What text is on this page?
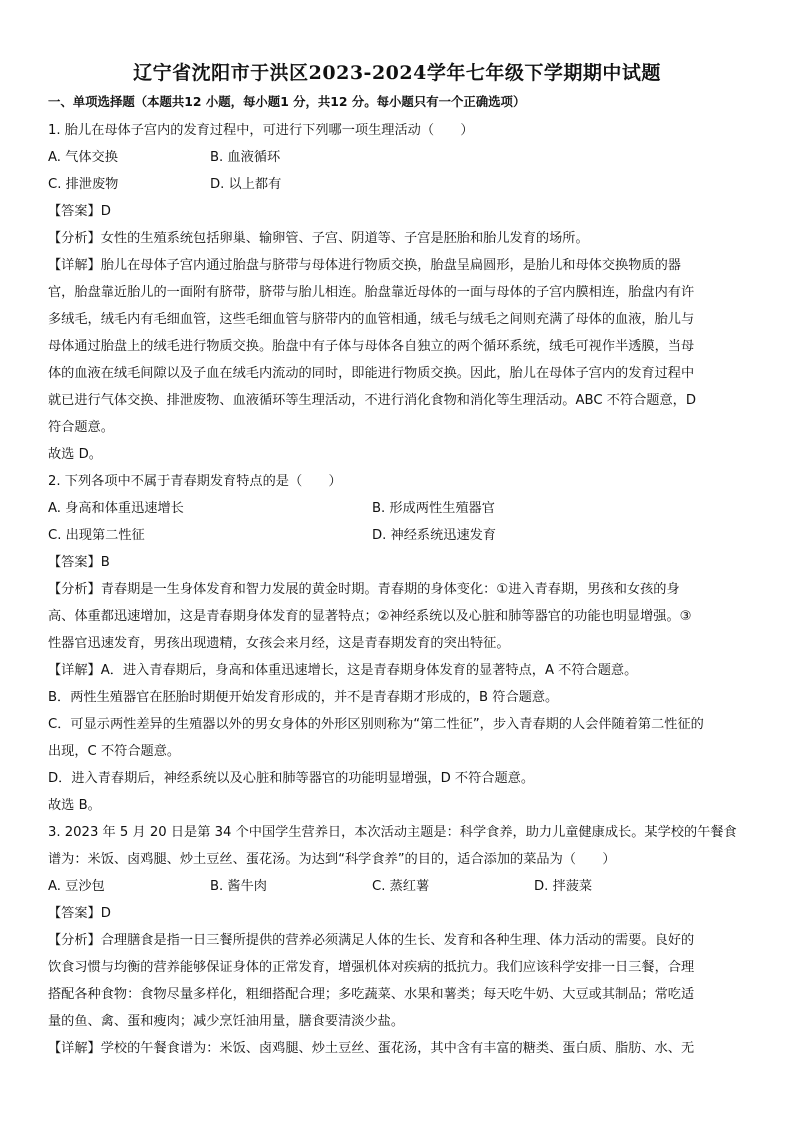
辽宁省沈阳市于洪区2023-2024学年七年级下学期期中试题
一、单项选择题（本题共12 小题，每小题1 分，共12 分。每小题只有一个正确选项）
1. 胎儿在母体子宫内的发育过程中，可进行下列哪一项生理活动（　　）
A. 气体交换	B. 血液循环
C. 排泄废物	D. 以上都有
【答案】D
【分析】女性的生殖系统包括卵巢、输卵管、子宫、阴道等、子宫是胚胎和胎儿发育的场所。
【详解】胎儿在母体子宫内通过胎盘与脐带与母体进行物质交换，胎盘呈扁圆形，是胎儿和母体交换物质的器
官，胎盘靠近胎儿的一面附有脐带，脐带与胎儿相连。胎盘靠近母体的一面与母体的子宫内膜相连，胎盘内有许
多绒毛，绒毛内有毛细血管，这些毛细血管与脐带内的血管相通，绒毛与绒毛之间则充满了母体的血液，胎儿与
母体通过胎盘上的绒毛进行物质交换。胎盘中有子体与母体各自独立的两个循环系统，绒毛可视作半透膜，当母
体的血液在绒毛间隙以及子血在绒毛内流动的同时，即能进行物质交换。因此，胎儿在母体子宫内的发育过程中
就已进行气体交换、排泄废物、血液循环等生理活动，不进行消化食物和消化等生理活动。ABC 不符合题意，D
符合题意。
故选 D。
2. 下列各项中不属于青春期发育特点的是（　　）
A. 身高和体重迅速增长	B. 形成两性生殖器官
C. 出现第二性征	D. 神经系统迅速发育
【答案】B
【分析】青春期是一生身体发育和智力发展的黄金时期。青春期的身体变化：①进入青春期，男孩和女孩的身
高、体重都迅速增加，这是青春期身体发育的显著特点；②神经系统以及心脏和肺等器官的功能也明显增强。③
性器官迅速发育，男孩出现遗精，女孩会来月经，这是青春期发育的突出特征。
【详解】A．进入青春期后，身高和体重迅速增长，这是青春期身体发育的显著特点，A 不符合题意。
B．两性生殖器官在胚胎时期便开始发育形成的，并不是青春期才形成的，B 符合题意。
C．可显示两性差异的生殖器以外的男女身体的外形区别则称为“第二性征”，步入青春期的人会伴随着第二性征的
出现，C 不符合题意。
D．进入青春期后，神经系统以及心脏和肺等器官的功能明显增强，D 不符合题意。
故选 B。
3. 2023 年 5 月 20 日是第 34 个中国学生营养日，本次活动主题是：科学食养，助力儿童健康成长。某学校的午餐食
谱为：米饭、卤鸡腿、炒土豆丝、蛋花汤。为达到“科学食养”的目的，适合添加的菜品为（　　）
A. 豆沙包	B. 酱牛肉	C. 蒸红薯	D. 拌菠菜
【答案】D
【分析】合理膳食是指一日三餐所提供的营养必须满足人体的生长、发育和各种生理、体力活动的需要。良好的
饮食习惯与均衡的营养能够保证身体的正常发育，增强机体对疾病的抵抗力。我们应该科学安排一日三餐，合理
搭配各种食物：食物尽量多样化，粗细搭配合理；多吃蔬菜、水果和薯类；每天吃牛奶、大豆或其制品；常吃适
量的鱼、禽、蛋和瘦肉；减少烹饪油用量，膳食要清淡少盐。
【详解】学校的午餐食谱为：米饭、卤鸡腿、炒土豆丝、蛋花汤，其中含有丰富的糖类、蛋白质、脂肪、水、无
